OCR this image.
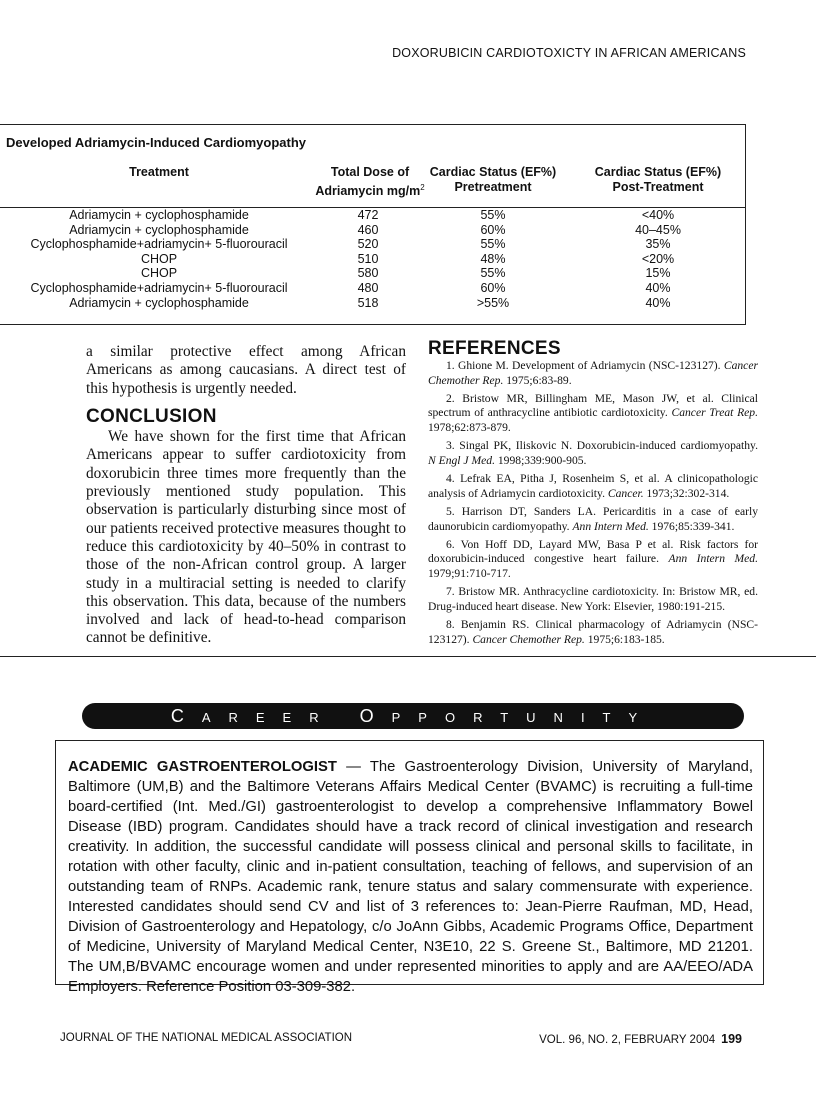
DOXORUBICIN CARDIOTOXICTY IN AFRICAN AMERICANS
Developed Adriamycin-Induced Cardiomyopathy
Treatment	Total Dose of
Adriamycin $mg/m^2$
Cardiac Status (EF%)
Pretreatment
Cardiac Status (EF%)
Post-Treatment
Adriamycin + cyclophosphamide	472	55%	<40%
Adriamycin + cyclophosphamide	460	60%	40–45%
Cyclophosphamide+adriamycin+ 5-fluorouracil	520	55%	35%
CHOP	510	48%	<20%
CHOP	580	55%	15%
Cyclophosphamide+adriamycin+ 5-fluorouracil	480	60%	40%
Adriamycin + cyclophosphamide	518	>55%	40%

a similar protective effect among African Americans as among caucasians. A direct test of this hypothesis is urgently needed.

CONCLUSION

We have shown for the first time that African Americans appear to suffer cardiotoxicity from doxorubicin three times more frequently than the previously mentioned study population. This observation is particularly disturbing since most of our patients received protective measures thought to reduce this cardiotoxicity by 40–50% in contrast to those of the non-African control group. A larger study in a multiracial setting is needed to clarify this observation. This data, because of the numbers involved and lack of head-to-head comparison cannot be definitive.

REFERENCES

1. Ghione M. Development of Adriamycin (NSC-123127). Cancer Chemother Rep. 1975;6:83-89.

2. Bristow MR, Billingham ME, Mason JW, et al. Clinical spectrum of anthracycline antibiotic cardiotoxicity. Cancer Treat Rep. 1978;62:873-879.

3. Singal PK, Iliskovic N. Doxorubicin-induced cardiomyopathy. N Engl J Med. 1998;339:900-905.

4. Lefrak EA, Pitha J, Rosenheim S, et al. A clinicopathologic analysis of Adriamycin cardiotoxicity. Cancer. 1973;32:302-314.

5. Harrison DT, Sanders LA. Pericarditis in a case of early daunorubicin cardiomyopathy. Ann Intern Med. 1976;85:339-341.

6. Von Hoff DD, Layard MW, Basa P et al. Risk factors for doxorubicin-induced congestive heart failure. Ann Intern Med. 1979;91:710-717.

7. Bristow MR. Anthracycline cardiotoxicity. In: Bristow MR, ed. Drug-induced heart disease. New York: Elsevier, 1980:191-215.

8. Benjamin RS. Clinical pharmacology of Adriamycin (NSC-123127). Cancer Chemother Rep. 1975;6:183-185.

Career Opportunity
ACADEMIC GASTROENTEROLOGIST — The Gastroenterology Division, University of Maryland, Baltimore (UM,B) and the Baltimore Veterans Affairs Medical Center (BVAMC) is recruiting a full-time board-certified (Int. Med./GI) gastroenterologist to develop a comprehensive Inflammatory Bowel Disease (IBD) program. Candidates should have a track record of clinical investigation and research creativity. In addition, the successful candidate will possess clinical and personal skills to facilitate, in rotation with other faculty, clinic and in-patient consultation, teaching of fellows, and supervision of an outstanding team of RNPs. Academic rank, tenure status and salary commensurate with experience. Interested candidates should send CV and list of 3 references to: Jean-Pierre Raufman, MD, Head, Division of Gastroenterology and Hepatology, c/o JoAnn Gibbs, Academic Programs Office, Department of Medicine, University of Maryland Medical Center, N3E10, 22 S. Greene St., Baltimore, MD 21201. The UM,B/BVAMC encourage women and under represented minorities to apply and are AA/EEO/ADA Employers. Reference Position 03-309-382.
JOURNAL OF THE NATIONAL MEDICAL ASSOCIATION	VOL. 96, NO. 2, FEBRUARY 2004 199
